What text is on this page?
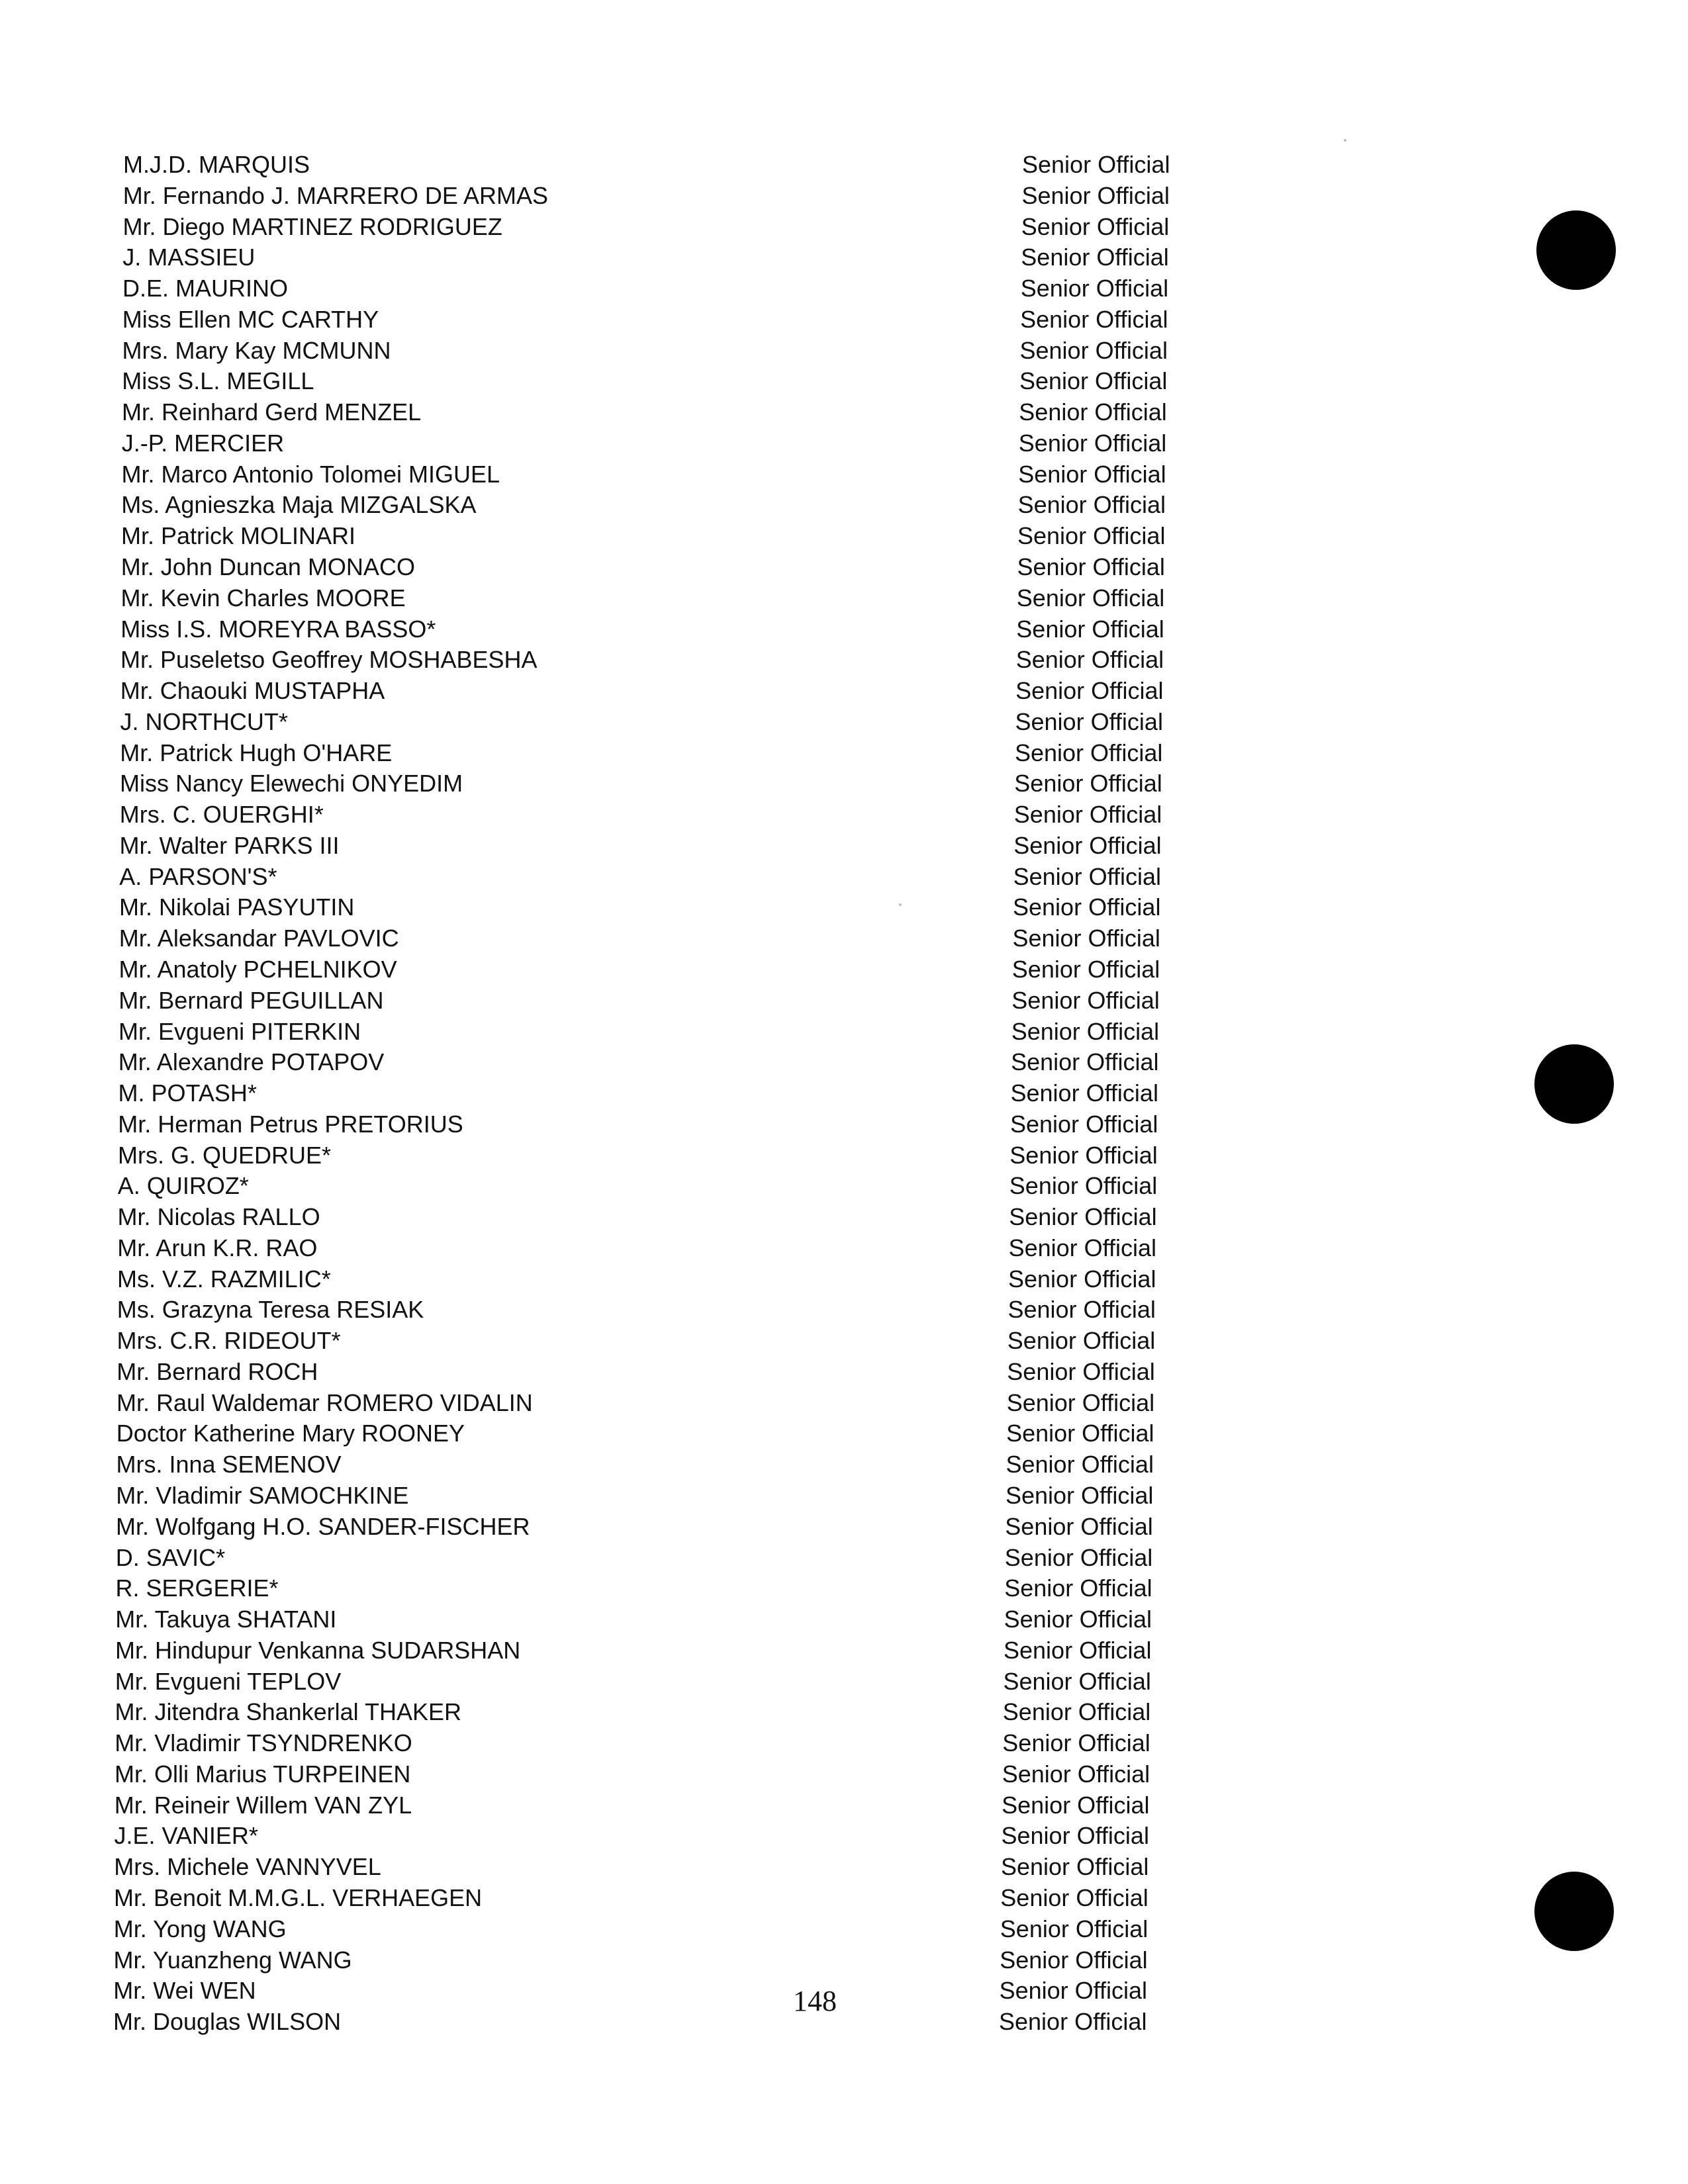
M.J.D. MARQUIS	Senior Official
Mr. Fernando J. MARRERO DE ARMAS	Senior Official
Mr. Diego MARTINEZ RODRIGUEZ	Senior Official
J. MASSIEU	Senior Official
D.E. MAURINO	Senior Official
Miss Ellen MC CARTHY	Senior Official
Mrs. Mary Kay MCMUNN	Senior Official
Miss S.L. MEGILL	Senior Official
Mr. Reinhard Gerd MENZEL	Senior Official
J.-P. MERCIER	Senior Official
Mr. Marco Antonio Tolomei MIGUEL	Senior Official
Ms. Agnieszka Maja MIZGALSKA	Senior Official
Mr. Patrick MOLINARI	Senior Official
Mr. John Duncan MONACO	Senior Official
Mr. Kevin Charles MOORE	Senior Official
Miss I.S. MOREYRA BASSO*	Senior Official
Mr. Puseletso Geoffrey MOSHABESHA	Senior Official
Mr. Chaouki MUSTAPHA	Senior Official
J. NORTHCUT*	Senior Official
Mr. Patrick Hugh O'HARE	Senior Official
Miss Nancy Elewechi ONYEDIM	Senior Official
Mrs. C. OUERGHI*	Senior Official
Mr. Walter PARKS III	Senior Official
A. PARSON'S*	Senior Official
Mr. Nikolai PASYUTIN	Senior Official
Mr. Aleksandar PAVLOVIC	Senior Official
Mr. Anatoly PCHELNIKOV	Senior Official
Mr. Bernard PEGUILLAN	Senior Official
Mr. Evgueni PITERKIN	Senior Official
Mr. Alexandre POTAPOV	Senior Official
M. POTASH*	Senior Official
Mr. Herman Petrus PRETORIUS	Senior Official
Mrs. G. QUEDRUE*	Senior Official
A. QUIROZ*	Senior Official
Mr. Nicolas RALLO	Senior Official
Mr. Arun K.R. RAO	Senior Official
Ms. V.Z. RAZMILIC*	Senior Official
Ms. Grazyna Teresa RESIAK	Senior Official
Mrs. C.R. RIDEOUT*	Senior Official
Mr. Bernard ROCH	Senior Official
Mr. Raul Waldemar ROMERO VIDALIN	Senior Official
Doctor Katherine Mary ROONEY	Senior Official
Mrs. Inna SEMENOV	Senior Official
Mr. Vladimir SAMOCHKINE	Senior Official
Mr. Wolfgang H.O. SANDER-FISCHER	Senior Official
D. SAVIC*	Senior Official
R. SERGERIE*	Senior Official
Mr. Takuya SHATANI	Senior Official
Mr. Hindupur Venkanna SUDARSHAN	Senior Official
Mr. Evgueni TEPLOV	Senior Official
Mr. Jitendra Shankerlal THAKER	Senior Official
Mr. Vladimir TSYNDRENKO	Senior Official
Mr. Olli Marius TURPEINEN	Senior Official
Mr. Reineir Willem VAN ZYL	Senior Official
J.E. VANIER*	Senior Official
Mrs. Michele VANNYVEL	Senior Official
Mr. Benoit M.M.G.L. VERHAEGEN	Senior Official
Mr. Yong WANG	Senior Official
Mr. Yuanzheng WANG	Senior Official
Mr. Wei WEN	Senior Official
Mr. Douglas WILSON	Senior Official
148
